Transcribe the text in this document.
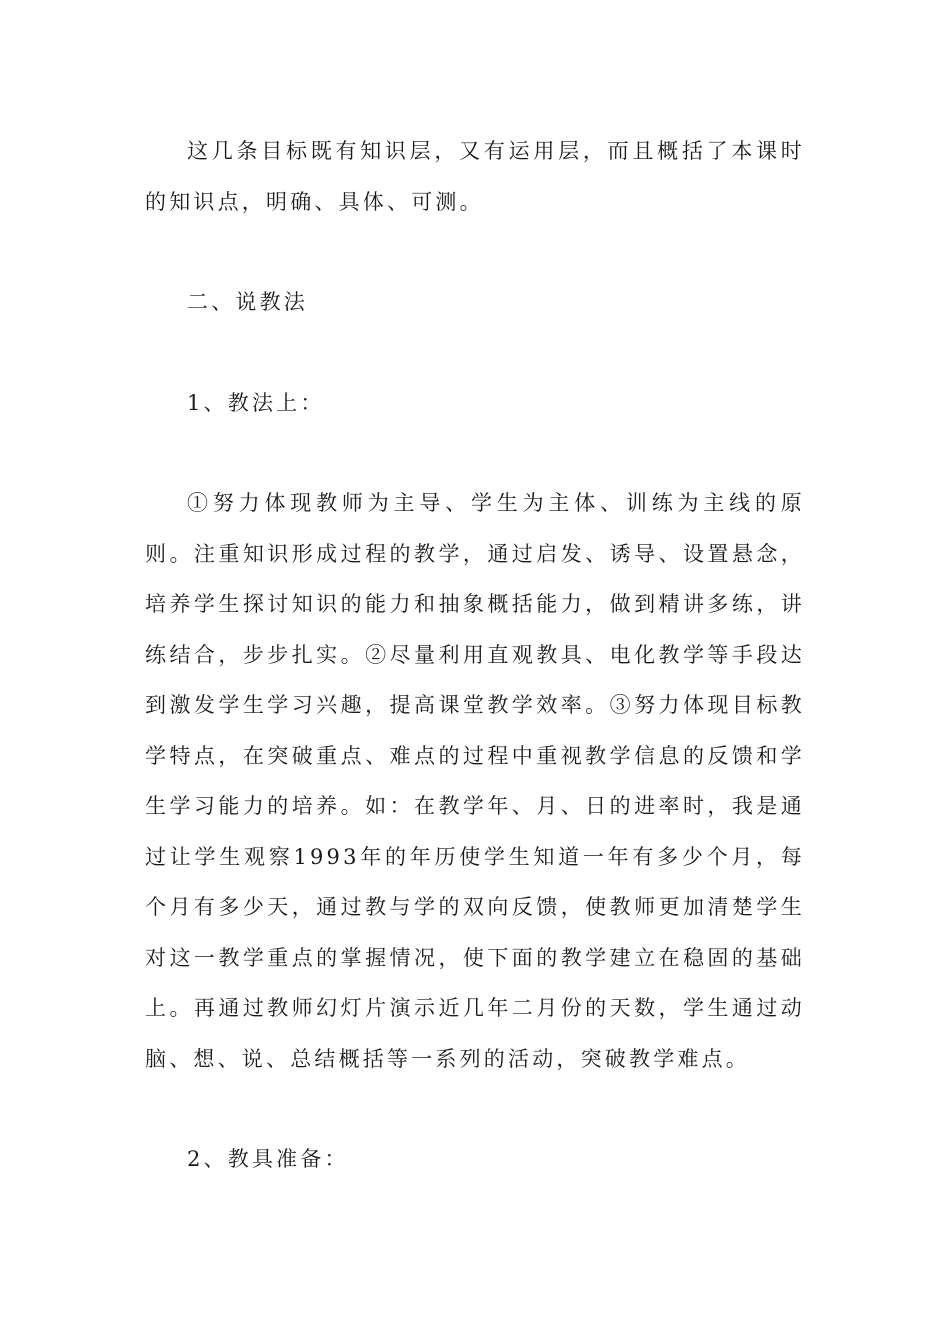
这几条目标既有知识层，又有运用层，而且概括了本课时的知识点，明确、具体、可测。

二、说教法

1、教法上：

①努力体现教师为主导、学生为主体、训练为主线的原则。注重知识形成过程的教学，通过启发、诱导、设置悬念，培养学生探讨知识的能力和抽象概括能力，做到精讲多练，讲练结合，步步扎实。②尽量利用直观教具、电化教学等手段达到激发学生学习兴趣，提高课堂教学效率。③努力体现目标教学特点，在突破重点、难点的过程中重视教学信息的反馈和学生学习能力的培养。如：在教学年、月、日的进率时，我是通过让学生观察1993年的年历使学生知道一年有多少个月，每个月有多少天，通过教与学的双向反馈，使教师更加清楚学生对这一教学重点的掌握情况，使下面的教学建立在稳固的基础上。再通过教师幻灯片演示近几年二月份的天数，学生通过动脑、想、说、总结概括等一系列的活动，突破教学难点。

2、教具准备：
